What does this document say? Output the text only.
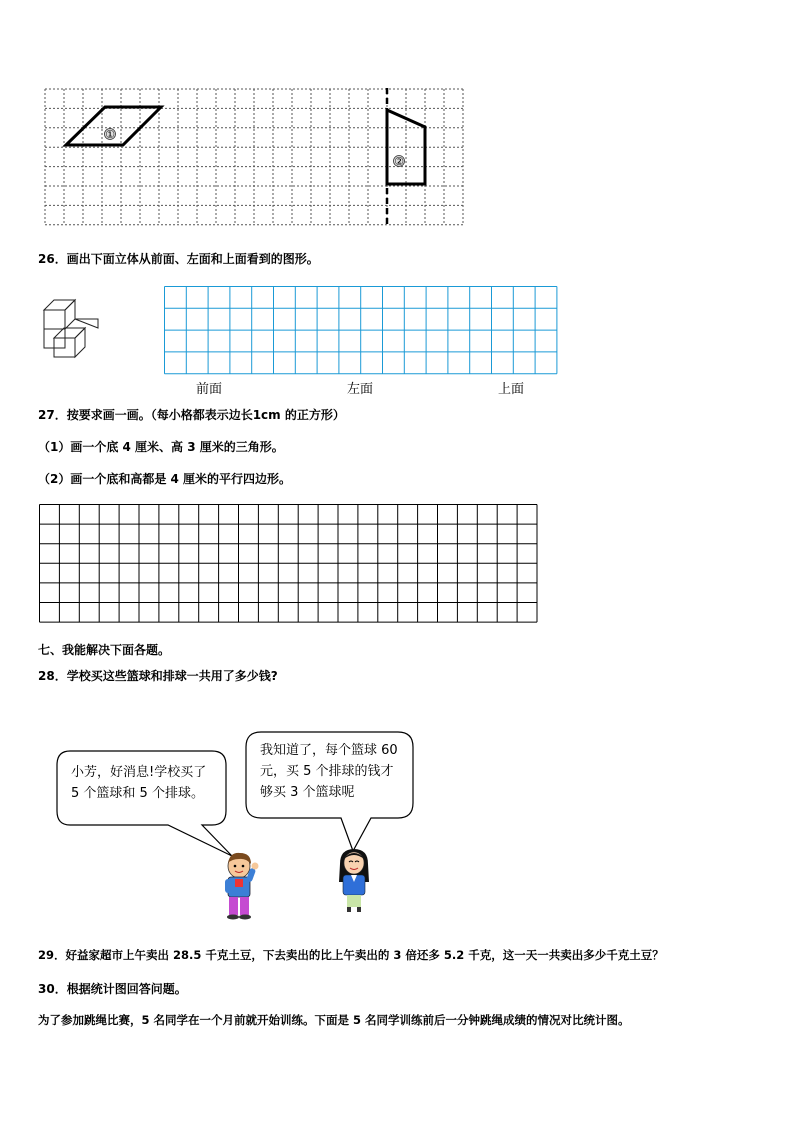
①
②
26．画出下面立体从前面、左面和上面看到的图形。
前面	左面	上面
27．按要求画一画。（每小格都表示边长1cm 的正方形）
（1）画一个底 4 厘米、高 3 厘米的三角形。
（2）画一个底和高都是 4 厘米的平行四边形。
七、我能解决下面各题。
28．学校买这些篮球和排球一共用了多少钱?
小芳，好消息!学校买了
5 个篮球和 5 个排球。
我知道了，每个篮球 60
元，买 5 个排球的钱才
够买 3 个篮球呢
29．好益家超市上午卖出 28.5 千克土豆，下去卖出的比上午卖出的 3 倍还多 5.2 千克，这一天一共卖出多少千克土豆？
30．根据统计图回答问题。
为了参加跳绳比赛，5 名同学在一个月前就开始训练。下面是 5 名同学训练前后一分钟跳绳成绩的情况对比统计图。
